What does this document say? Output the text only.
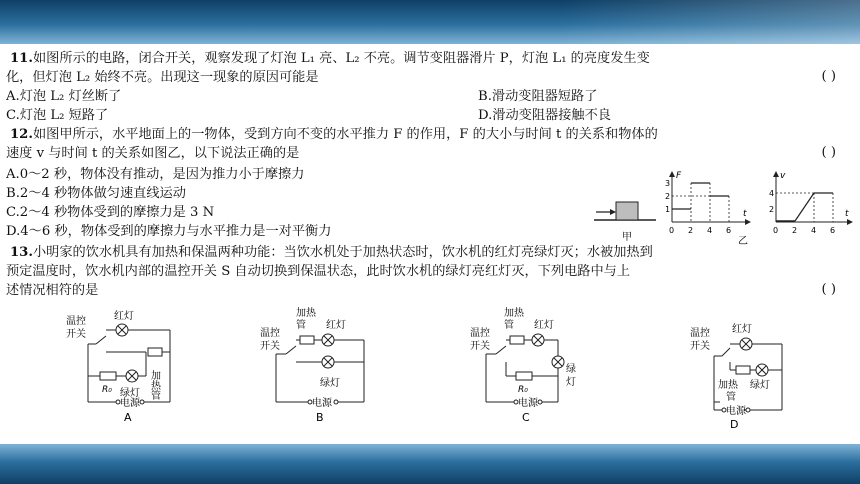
11.如图所示的电路，闭合开关，观察发现了灯泡 L₁ 亮、L₂ 不亮。调节变阻器滑片 P，灯泡 L₁ 的亮度发生变
化，但灯泡 L₂ 始终不亮。出现这一现象的原因可能是	( )
A.灯泡 L₂ 灯丝断了	B.滑动变阻器短路了
C.灯泡 L₂ 短路了	D.滑动变阻器接触不良
12.如图甲所示，水平地面上的一物体，受到方向不变的水平推力 F 的作用，F 的大小与时间 t 的关系和物体的
速度 v 与时间 t 的关系如图乙，以下说法正确的是	( )
A.0～2 秒，物体没有推动，是因为推力小于摩擦力
B.2～4 秒物体做匀速直线运动
C.2～4 秒物体受到的摩擦力是 3 N
D.4～6 秒，物体受到的摩擦力与水平推力是一对平衡力	甲
F
t
1
2
3
0 2 4 6
v
t
2
4
0 2 4 6
乙
13.小明家的饮水机具有加热和保温两种功能：当饮水机处于加热状态时，饮水机的红灯亮绿灯灭；水被加热到
预定温度时，饮水机内部的温控开关 S 自动切换到保温状态，此时饮水机的绿灯亮红灯灭，下列电路中与上
述情况相符的是	( )
温控
开关
红灯
加热管
R₀ 绿灯
电源
A
温控
开关
加热
管 红灯
绿灯
电源
B
温控
开关
加热
管 红灯
绿
灯
R₀
电源
C
温控
开关
红灯
加热
管
绿灯
电源
D
